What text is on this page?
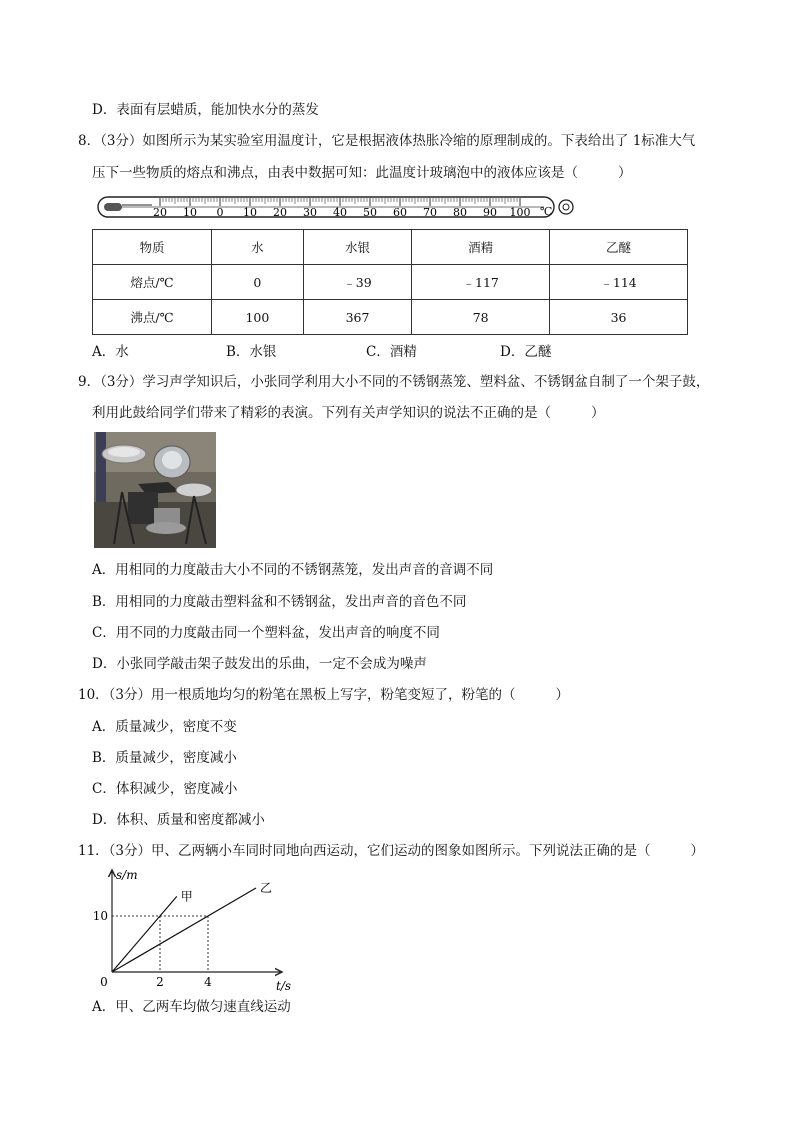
D．表面有层蜡质，能加快水分的蒸发
8．（3分）如图所示为某实验室用温度计，它是根据液体热胀冷缩的原理制成的。下表给出了 1标准大气
压下一些物质的熔点和沸点，由表中数据可知：此温度计玻璃泡中的液体应该是（	）
20 10 0 10 20 30 40 50 60 70 80 90 100 ℃
物质	水	水银	酒精	乙醚
熔点/℃	0	﹣39	﹣117	﹣114
沸点/℃	100	367	78	36
A．水	B．水银	C．酒精	D．乙醚
9．（3分）学习声学知识后，小张同学利用大小不同的不锈钢蒸笼、塑料盆、不锈钢盆自制了一个架子鼓，
利用此鼓给同学们带来了精彩的表演。下列有关声学知识的说法不正确的是（	）
A．用相同的力度敲击大小不同的不锈钢蒸笼，发出声音的音调不同
B．用相同的力度敲击塑料盆和不锈钢盆，发出声音的音色不同
C．用不同的力度敲击同一个塑料盆，发出声音的响度不同
D．小张同学敲击架子鼓发出的乐曲，一定不会成为噪声
10．（3分）用一根质地均匀的粉笔在黑板上写字，粉笔变短了，粉笔的（	）
A．质量减少，密度不变
B．质量减少，密度减小
C．体积减少，密度减小
D．体积、质量和密度都减小
11．（3分）甲、乙两辆小车同时同地向西运动，它们运动的图象如图所示。下列说法正确的是（	）
s/m
t/s
甲
乙
0	2	4
10
A．甲、乙两车均做匀速直线运动
